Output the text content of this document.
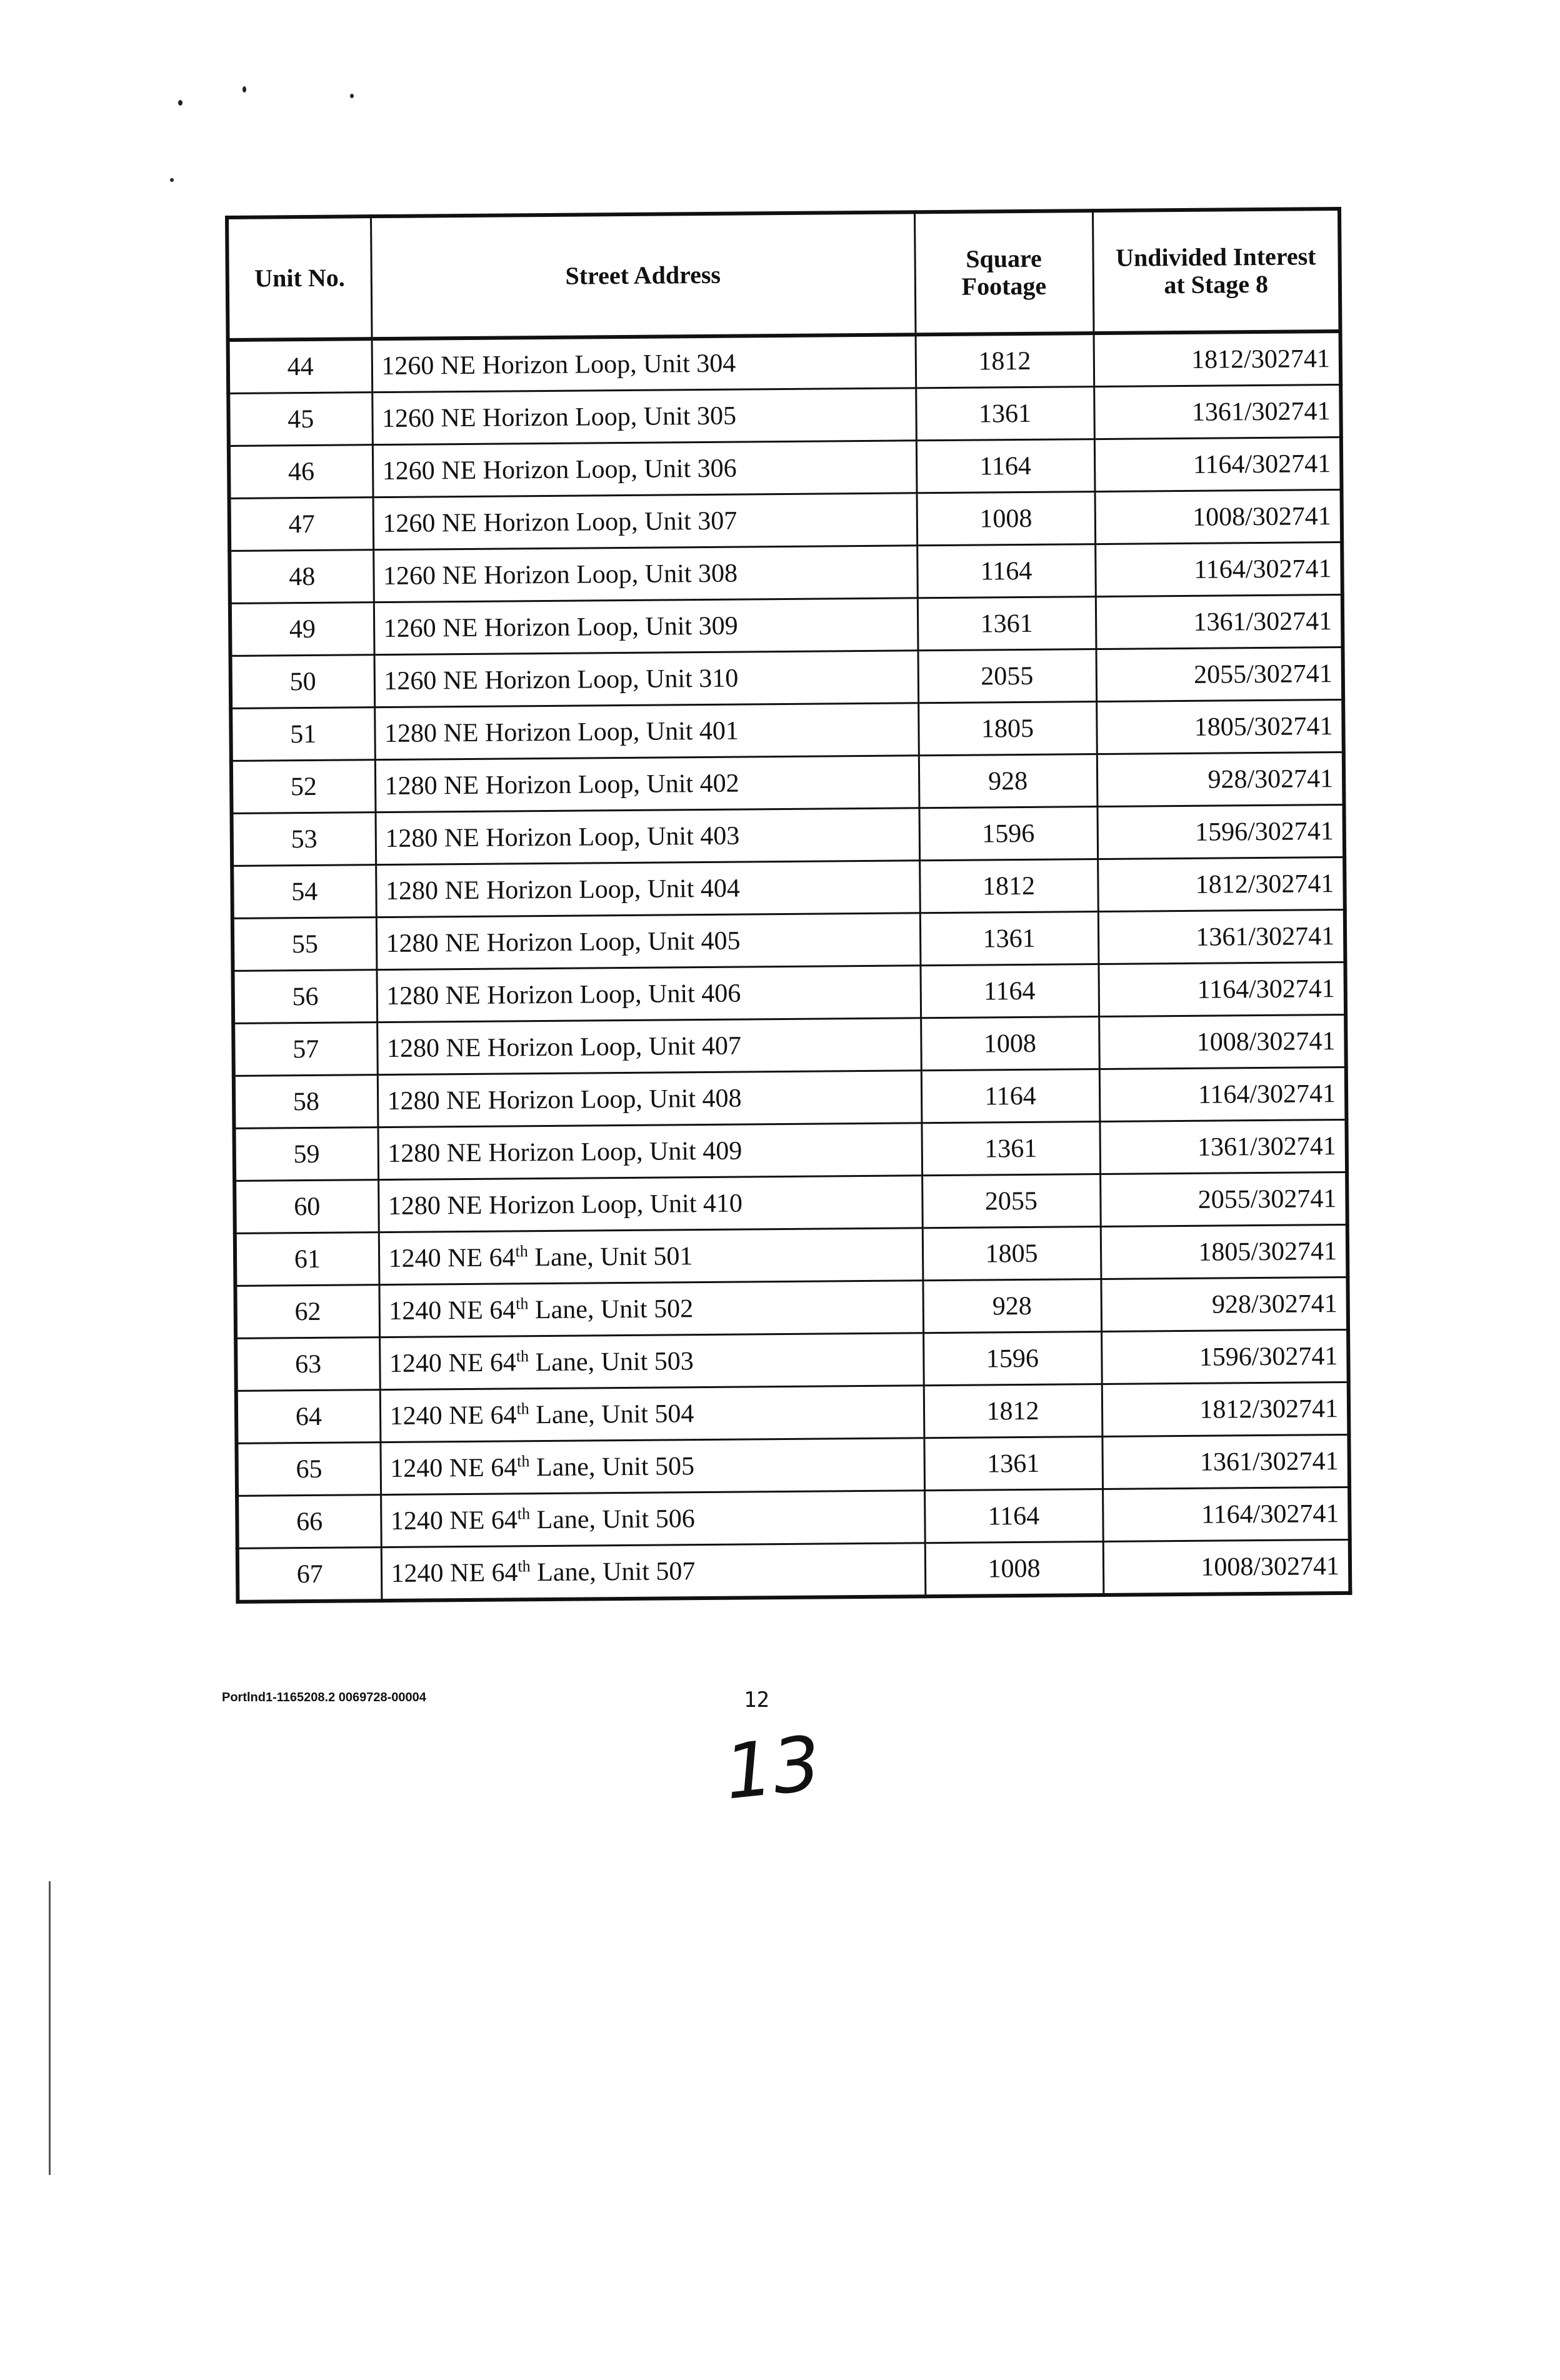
Unit No.	Street Address	Square Footage	Undivided Interest at Stage 8
44	1260 NE Horizon Loop, Unit 304	1812	1812/302741
45	1260 NE Horizon Loop, Unit 305	1361	1361/302741
46	1260 NE Horizon Loop, Unit 306	1164	1164/302741
47	1260 NE Horizon Loop, Unit 307	1008	1008/302741
48	1260 NE Horizon Loop, Unit 308	1164	1164/302741
49	1260 NE Horizon Loop, Unit 309	1361	1361/302741
50	1260 NE Horizon Loop, Unit 310	2055	2055/302741
51	1280 NE Horizon Loop, Unit 401	1805	1805/302741
52	1280 NE Horizon Loop, Unit 402	928	928/302741
53	1280 NE Horizon Loop, Unit 403	1596	1596/302741
54	1280 NE Horizon Loop, Unit 404	1812	1812/302741
55	1280 NE Horizon Loop, Unit 405	1361	1361/302741
56	1280 NE Horizon Loop, Unit 406	1164	1164/302741
57	1280 NE Horizon Loop, Unit 407	1008	1008/302741
58	1280 NE Horizon Loop, Unit 408	1164	1164/302741
59	1280 NE Horizon Loop, Unit 409	1361	1361/302741
60	1280 NE Horizon Loop, Unit 410	2055	2055/302741
61	1240 NE 64th Lane, Unit 501	1805	1805/302741
62	1240 NE 64th Lane, Unit 502	928	928/302741
63	1240 NE 64th Lane, Unit 503	1596	1596/302741
64	1240 NE 64th Lane, Unit 504	1812	1812/302741
65	1240 NE 64th Lane, Unit 505	1361	1361/302741
66	1240 NE 64th Lane, Unit 506	1164	1164/302741
67	1240 NE 64th Lane, Unit 507	1008	1008/302741
Portlnd1-1165208.2 0069728-00004	12
13
